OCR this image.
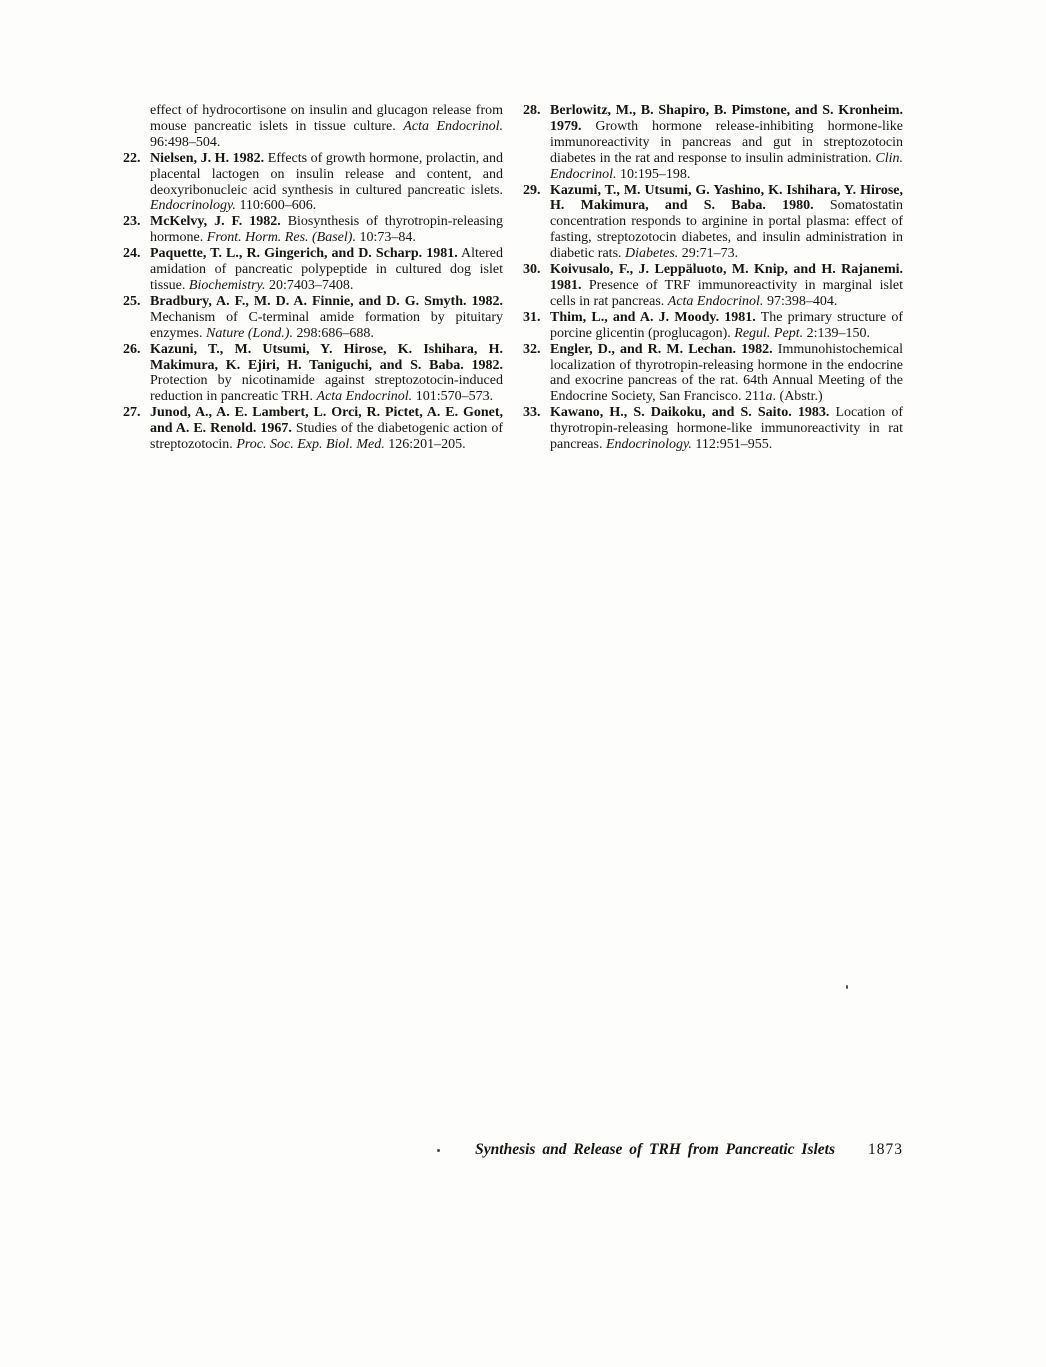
effect of hydrocortisone on insulin and glucagon release from mouse pancreatic islets in tissue culture. Acta Endocrinol. 96:498–504.
22. Nielsen, J. H. 1982. Effects of growth hormone, prolactin, and placental lactogen on insulin release and content, and deoxyribonucleic acid synthesis in cultured pancreatic islets. Endocrinology. 110:600–606.
23. McKelvy, J. F. 1982. Biosynthesis of thyrotropin-releasing hormone. Front. Horm. Res. (Basel). 10:73–84.
24. Paquette, T. L., R. Gingerich, and D. Scharp. 1981. Altered amidation of pancreatic polypeptide in cultured dog islet tissue. Biochemistry. 20:7403–7408.
25. Bradbury, A. F., M. D. A. Finnie, and D. G. Smyth. 1982. Mechanism of C-terminal amide formation by pituitary enzymes. Nature (Lond.). 298:686–688.
26. Kazuni, T., M. Utsumi, Y. Hirose, K. Ishihara, H. Makimura, K. Ejiri, H. Taniguchi, and S. Baba. 1982. Protection by nicotinamide against streptozotocin-induced reduction in pancreatic TRH. Acta Endocrinol. 101:570–573.
27. Junod, A., A. E. Lambert, L. Orci, R. Pictet, A. E. Gonet, and A. E. Renold. 1967. Studies of the diabetogenic action of streptozotocin. Proc. Soc. Exp. Biol. Med. 126:201–205.
28. Berlowitz, M., B. Shapiro, B. Pimstone, and S. Kronheim. 1979. Growth hormone release-inhibiting hormone-like immunoreactivity in pancreas and gut in streptozotocin diabetes in the rat and response to insulin administration. Clin. Endocrinol. 10:195–198.
29. Kazumi, T., M. Utsumi, G. Yashino, K. Ishihara, Y. Hirose, H. Makimura, and S. Baba. 1980. Somatostatin concentration responds to arginine in portal plasma: effect of fasting, streptozotocin diabetes, and insulin administration in diabetic rats. Diabetes. 29:71–73.
30. Koivusalo, F., J. Leppäluoto, M. Knip, and H. Rajanemi. 1981. Presence of TRF immunoreactivity in marginal islet cells in rat pancreas. Acta Endocrinol. 97:398–404.
31. Thim, L., and A. J. Moody. 1981. The primary structure of porcine glicentin (proglucagon). Regul. Pept. 2:139–150.
32. Engler, D., and R. M. Lechan. 1982. Immunohistochemical localization of thyrotropin-releasing hormone in the endocrine and exocrine pancreas of the rat. 64th Annual Meeting of the Endocrine Society, San Francisco. 211a. (Abstr.)
33. Kawano, H., S. Daikoku, and S. Saito. 1983. Location of thyrotropin-releasing hormone-like immunoreactivity in rat pancreas. Endocrinology. 112:951–955.
Synthesis and Release of TRH from Pancreatic Islets 1873
